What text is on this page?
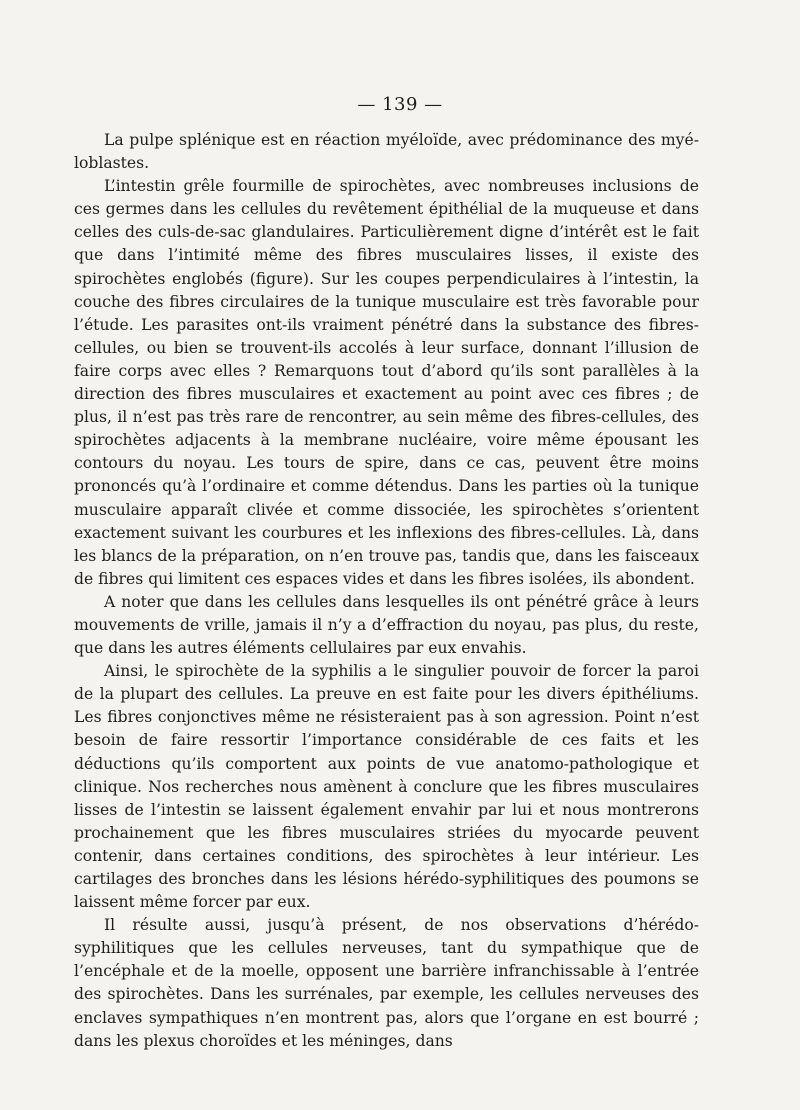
— 139 —

La pulpe splénique est en réaction myéloïde, avec prédominance des myé-loblastes.

L’intestin grêle fourmille de spirochètes, avec nombreuses inclusions de ces germes dans les cellules du revêtement épithélial de la muqueuse et dans celles des culs-de-sac glandulaires. Particulièrement digne d’intérêt est le fait que dans l’intimité même des fibres musculaires lisses, il existe des spirochètes englobés (figure). Sur les coupes perpendiculaires à l’intestin, la couche des fibres circulaires de la tunique musculaire est très favorable pour l’étude. Les parasites ont-ils vraiment pénétré dans la substance des fibres-cellules, ou bien se trouvent-ils accolés à leur surface, donnant l’illusion de faire corps avec elles ? Remarquons tout d’abord qu’ils sont parallèles à la direction des fibres musculaires et exactement au point avec ces fibres ; de plus, il n’est pas très rare de rencontrer, au sein même des fibres-cellules, des spirochètes adjacents à la membrane nucléaire, voire même épousant les contours du noyau. Les tours de spire, dans ce cas, peuvent être moins prononcés qu’à l’ordinaire et comme détendus. Dans les parties où la tunique musculaire apparaît clivée et comme dissociée, les spirochètes s’orientent exactement suivant les courbures et les inflexions des fibres-cellules. Là, dans les blancs de la préparation, on n’en trouve pas, tandis que, dans les faisceaux de fibres qui limitent ces espaces vides et dans les fibres isolées, ils abondent.

A noter que dans les cellules dans lesquelles ils ont pénétré grâce à leurs mouvements de vrille, jamais il n’y a d’effraction du noyau, pas plus, du reste, que dans les autres éléments cellulaires par eux envahis.

Ainsi, le spirochète de la syphilis a le singulier pouvoir de forcer la paroi de la plupart des cellules. La preuve en est faite pour les divers épithéliums. Les fibres conjonctives même ne résisteraient pas à son agression. Point n’est besoin de faire ressortir l’importance considérable de ces faits et les déductions qu’ils comportent aux points de vue anatomo-pathologique et clinique. Nos recherches nous amènent à conclure que les fibres musculaires lisses de l’intestin se laissent également envahir par lui et nous montrerons prochainement que les fibres musculaires striées du myocarde peuvent contenir, dans certaines conditions, des spirochètes à leur intérieur. Les cartilages des bronches dans les lésions hérédo-syphilitiques des poumons se laissent même forcer par eux.

Il résulte aussi, jusqu’à présent, de nos observations d’hérédo-syphilitiques que les cellules nerveuses, tant du sympathique que de l’encéphale et de la moelle, opposent une barrière infranchissable à l’entrée des spirochètes. Dans les surrénales, par exemple, les cellules nerveuses des enclaves sympathiques n’en montrent pas, alors que l’organe en est bourré ; dans les plexus choroïdes et les méninges, dans
